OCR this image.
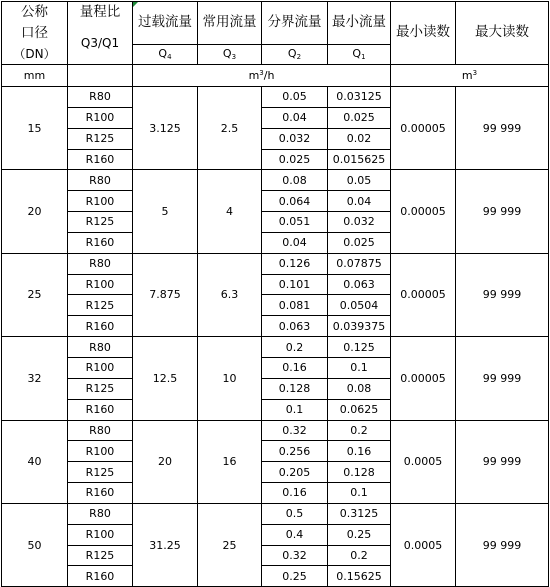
公称	量程比	过载流量	常用流量	分界流量	最小流量	最小读数	最大读数

口径	Q3/Q1						

（DN）		$Q_4$	$Q_3$	$Q_2$	$Q_1$
mm		$m^3/h$				$m^3$
15	R80	3.125	2.5	0.05	0.03125	0.00005	99 999
	R100			0.04	0.025		
	R125			0.032	0.02		
	R160			0.025	0.015625		
20	R80	5	4	0.08	0.05	0.00005	99 999
	R100			0.064	0.04		
	R125			0.051	0.032		
	R160			0.04	0.025		
25	R80	7.875	6.3	0.126	0.07875	0.00005	99 999
	R100			0.101	0.063		
	R125			0.081	0.0504		
	R160			0.063	0.039375		
32	R80	12.5	10	0.2	0.125	0.00005	99 999
	R100			0.16	0.1		
	R125			0.128	0.08		
	R160			0.1	0.0625		
40	R80	20	16	0.32	0.2	0.0005	99 999
	R100			0.256	0.16		
	R125			0.205	0.128		
	R160			0.16	0.1		
50	R80	31.25	25	0.5	0.3125	0.0005	99 999
	R100			0.4	0.25		
	R125			0.32	0.2		
	R160			0.25	0.15625		
